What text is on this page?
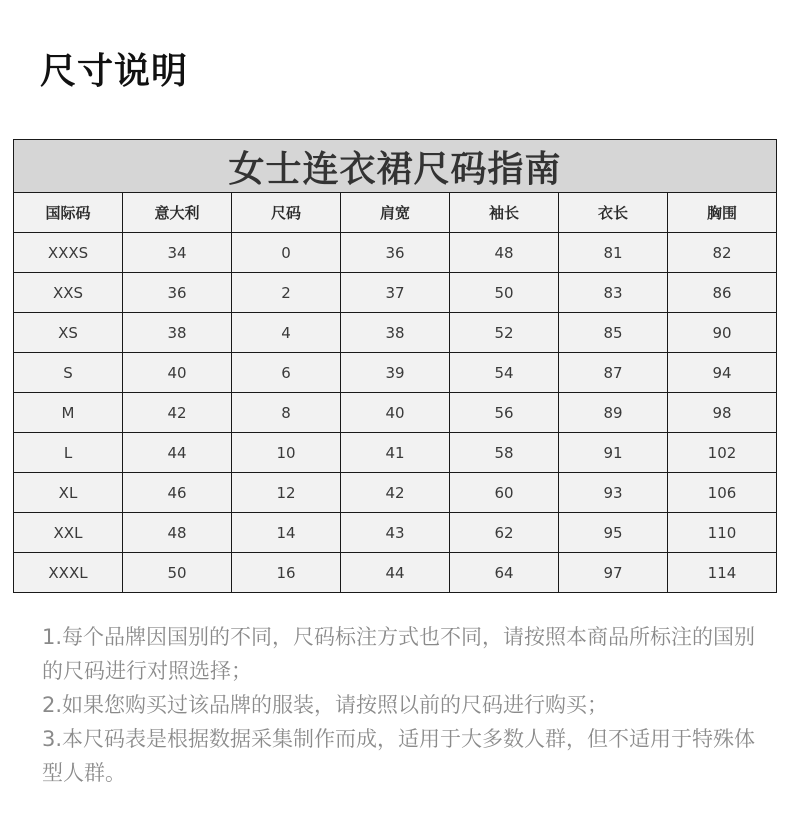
尺寸说明
女士连衣裙尺码指南						
国际码	意大利	尺码	肩宽	袖长	衣长	胸围
XXXS	34	0	36	48	81	82
XXS	36	2	37	50	83	86
XS	38	4	38	52	85	90
S	40	6	39	54	87	94
M	42	8	40	56	89	98
L	44	10	41	58	91	102
XL	46	12	42	60	93	106
XXL	48	14	43	62	95	110
XXXL	50	16	44	64	97	114

1.每个品牌因国别的不同，尺码标注方式也不同，请按照本商品所标注的国别的尺码进行对照选择；

2.如果您购买过该品牌的服装，请按照以前的尺码进行购买；

3.本尺码表是根据数据采集制作而成，适用于大多数人群，但不适用于特殊体型人群。
